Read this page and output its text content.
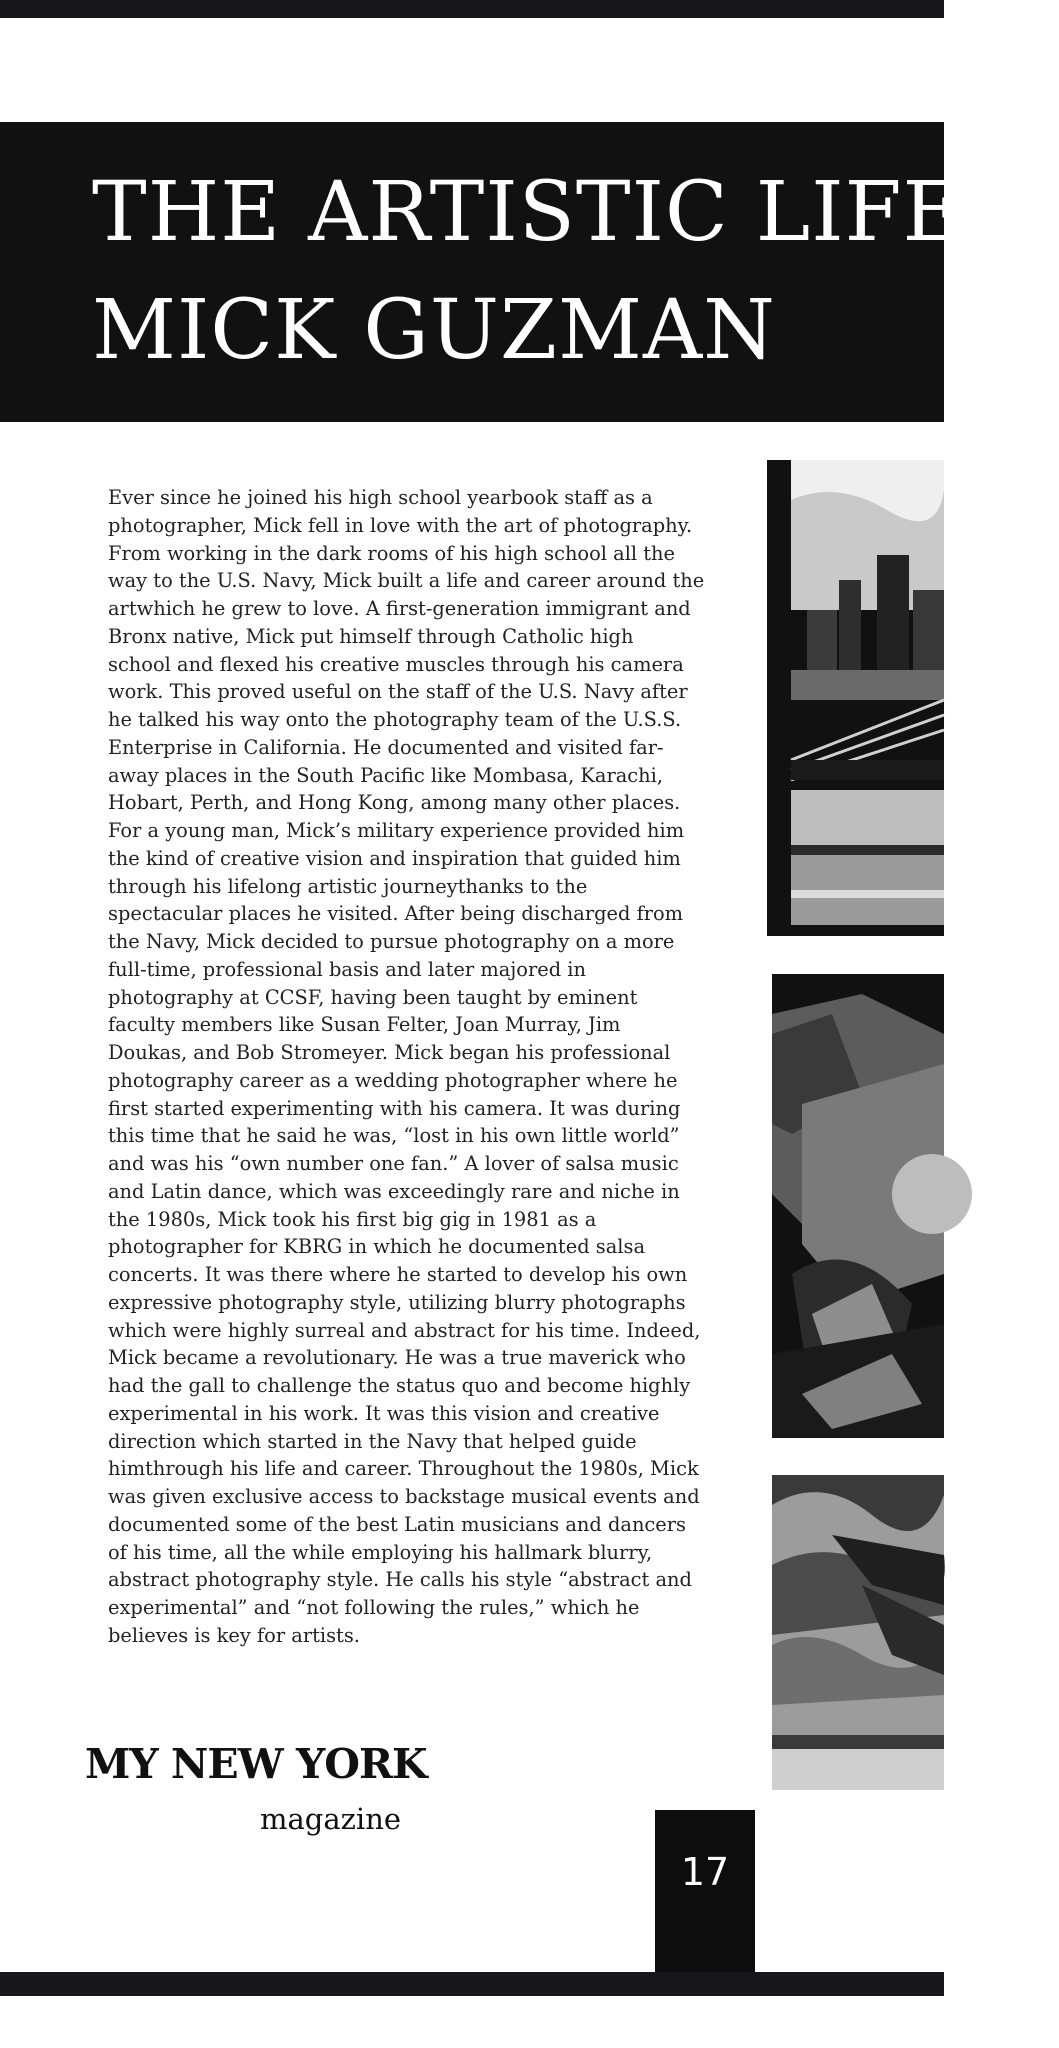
THE ARTISTIC LIFE O
MICK GUZMAN

Ever since he joined his high school yearbook staff as a
photographer, Mick fell in love with the art of photography.
From working in the dark rooms of his high school all the
way to the U.S. Navy, Mick built a life and career around the
artwhich he grew to love. A first-generation immigrant and
Bronx native, Mick put himself through Catholic high
school and flexed his creative muscles through his camera
work. This proved useful on the staff of the U.S. Navy after
he talked his way onto the photography team of the U.S.S.
Enterprise in California. He documented and visited far-
away places in the South Pacific like Mombasa, Karachi,
Hobart, Perth, and Hong Kong, among many other places.
For a young man, Mick’s military experience provided him
the kind of creative vision and inspiration that guided him
through his lifelong artistic journeythanks to the
spectacular places he visited. After being discharged from
the Navy, Mick decided to pursue photography on a more
full-time, professional basis and later majored in
photography at CCSF, having been taught by eminent
faculty members like Susan Felter, Joan Murray, Jim
Doukas, and Bob Stromeyer. Mick began his professional
photography career as a wedding photographer where he
first started experimenting with his camera. It was during
this time that he said he was, “lost in his own little world”
and was his “own number one fan.” A lover of salsa music
and Latin dance, which was exceedingly rare and niche in
the 1980s, Mick took his first big gig in 1981 as a
photographer for KBRG in which he documented salsa
concerts. It was there where he started to develop his own
expressive photography style, utilizing blurry photographs
which were highly surreal and abstract for his time. Indeed,
Mick became a revolutionary. He was a true maverick who
had the gall to challenge the status quo and become highly
experimental in his work. It was this vision and creative
direction which started in the Navy that helped guide
himthrough his life and career. Throughout the 1980s, Mick
was given exclusive access to backstage musical events and
documented some of the best Latin musicians and dancers
of his time, all the while employing his hallmark blurry,
abstract photography style. He calls his style “abstract and
experimental” and “not following the rules,” which he
believes is key for artists.

MY NEW YORK
magazine
17
